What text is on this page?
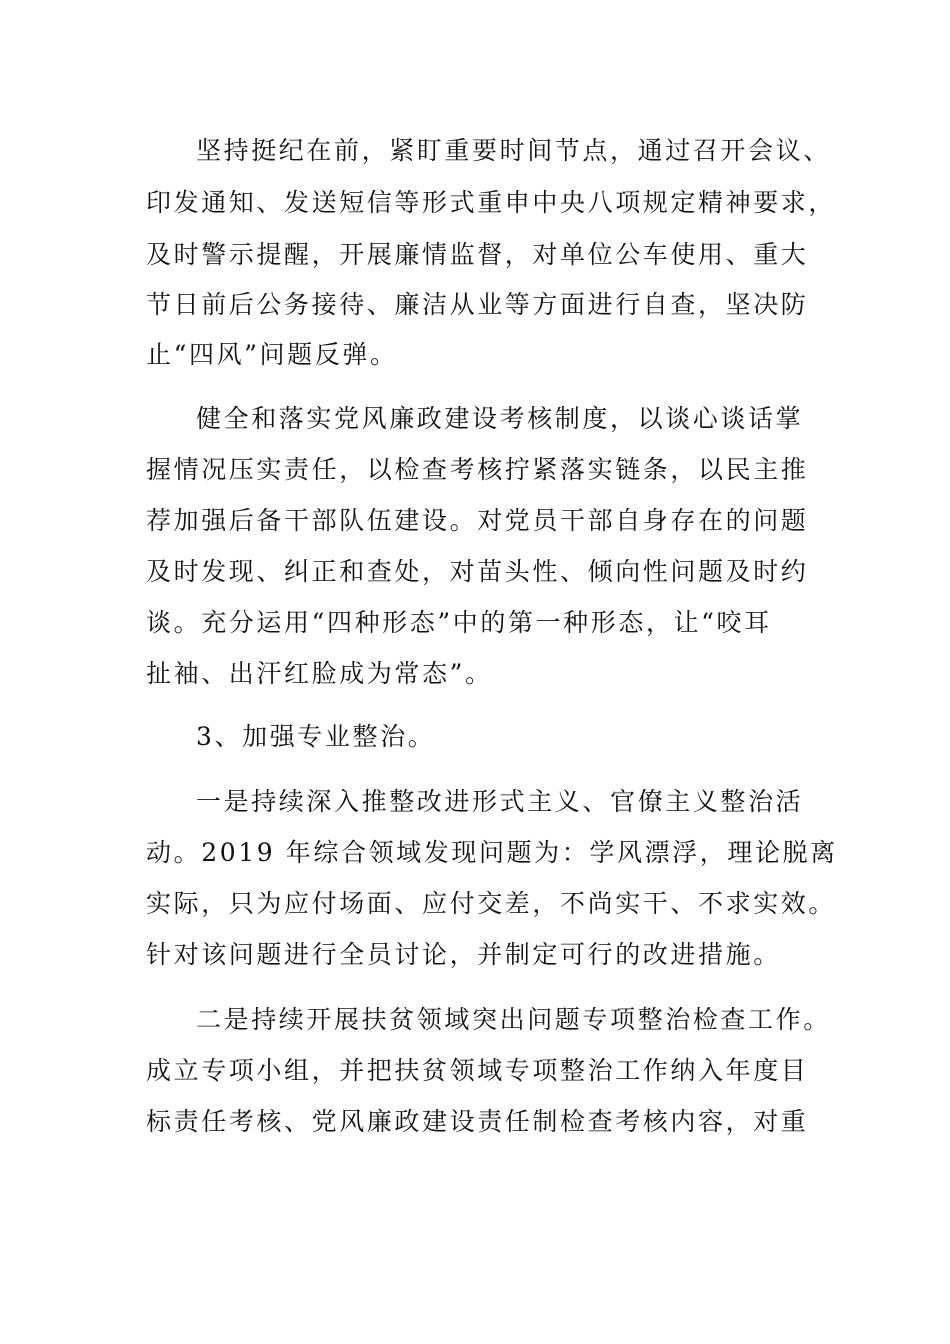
坚持挺纪在前，紧盯重要时间节点，通过召开会议、
印发通知、发送短信等形式重申中央八项规定精神要求，
及时警示提醒，开展廉情监督，对单位公车使用、重大
节日前后公务接待、廉洁从业等方面进行自查，坚决防
止“四风”问题反弹。
健全和落实党风廉政建设考核制度，以谈心谈话掌
握情况压实责任，以检查考核拧紧落实链条，以民主推
荐加强后备干部队伍建设。对党员干部自身存在的问题
及时发现、纠正和查处，对苗头性、倾向性问题及时约
谈。充分运用“四种形态”中的第一种形态，让“咬耳
扯袖、出汗红脸成为常态”。
3、加强专业整治。
一是持续深入推整改进形式主义、官僚主义整治活
动。2019 年综合领域发现问题为：学风漂浮，理论脱离
实际，只为应付场面、应付交差，不尚实干、不求实效。
针对该问题进行全员讨论，并制定可行的改进措施。
二是持续开展扶贫领域突出问题专项整治检查工作。
成立专项小组，并把扶贫领域专项整治工作纳入年度目
标责任考核、党风廉政建设责任制检查考核内容，对重
